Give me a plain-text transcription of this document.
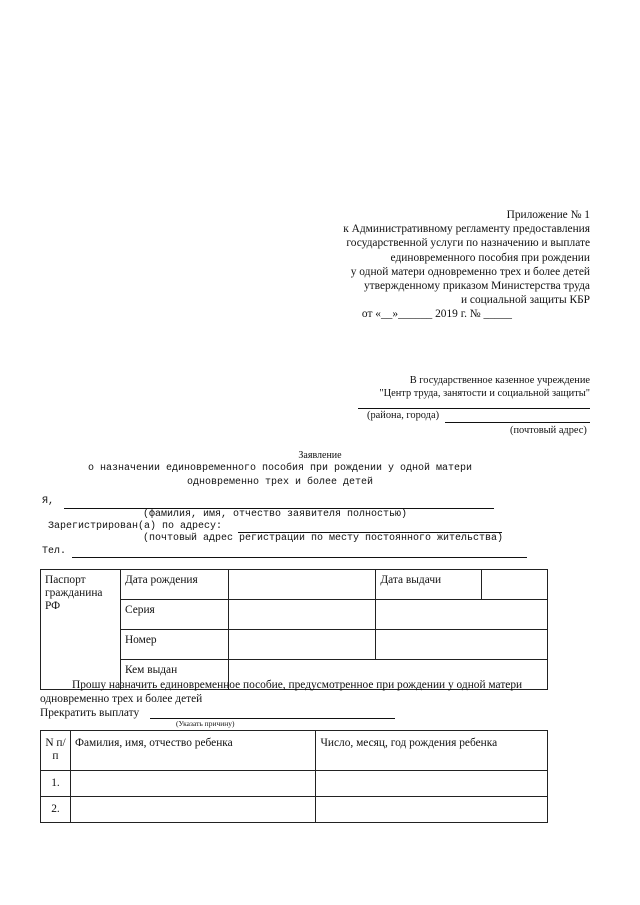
Приложение № 1
к Административному регламенту предоставления
государственной услуги по назначению и выплате
единовременного пособия при рождении
у одной матери одновременно трех и более детей
утвержденному приказом Министерства труда
и социальной защиты КБР
от «__»______ 2019 г. № _____
В государственное казенное учреждение
"Центр труда, занятости и социальной защиты"
(района, города)
(почтовый адрес)
Заявление
о назначении единовременного пособия при рождении у одной матери
одновременно трех и более детей
Я,
(фамилия, имя, отчество заявителя полностью)
Зарегистрирован(а) по адресу:
(почтовый адрес регистрации по месту постоянного жительства)
Тел.
Паспорт гражданина РФ	Дата рождения		Дата выдачи	
	Серия			
	Номер			
	Кем выдан			
Прошу назначить единовременное пособие, предусмотренное при рождении у одной матери
одновременно трех и более детей
Прекратить выплату
(Указать причину)
N п/п	Фамилия, имя, отчество ребенка	Число, месяц, год рождения ребенка
1.		
2.		
